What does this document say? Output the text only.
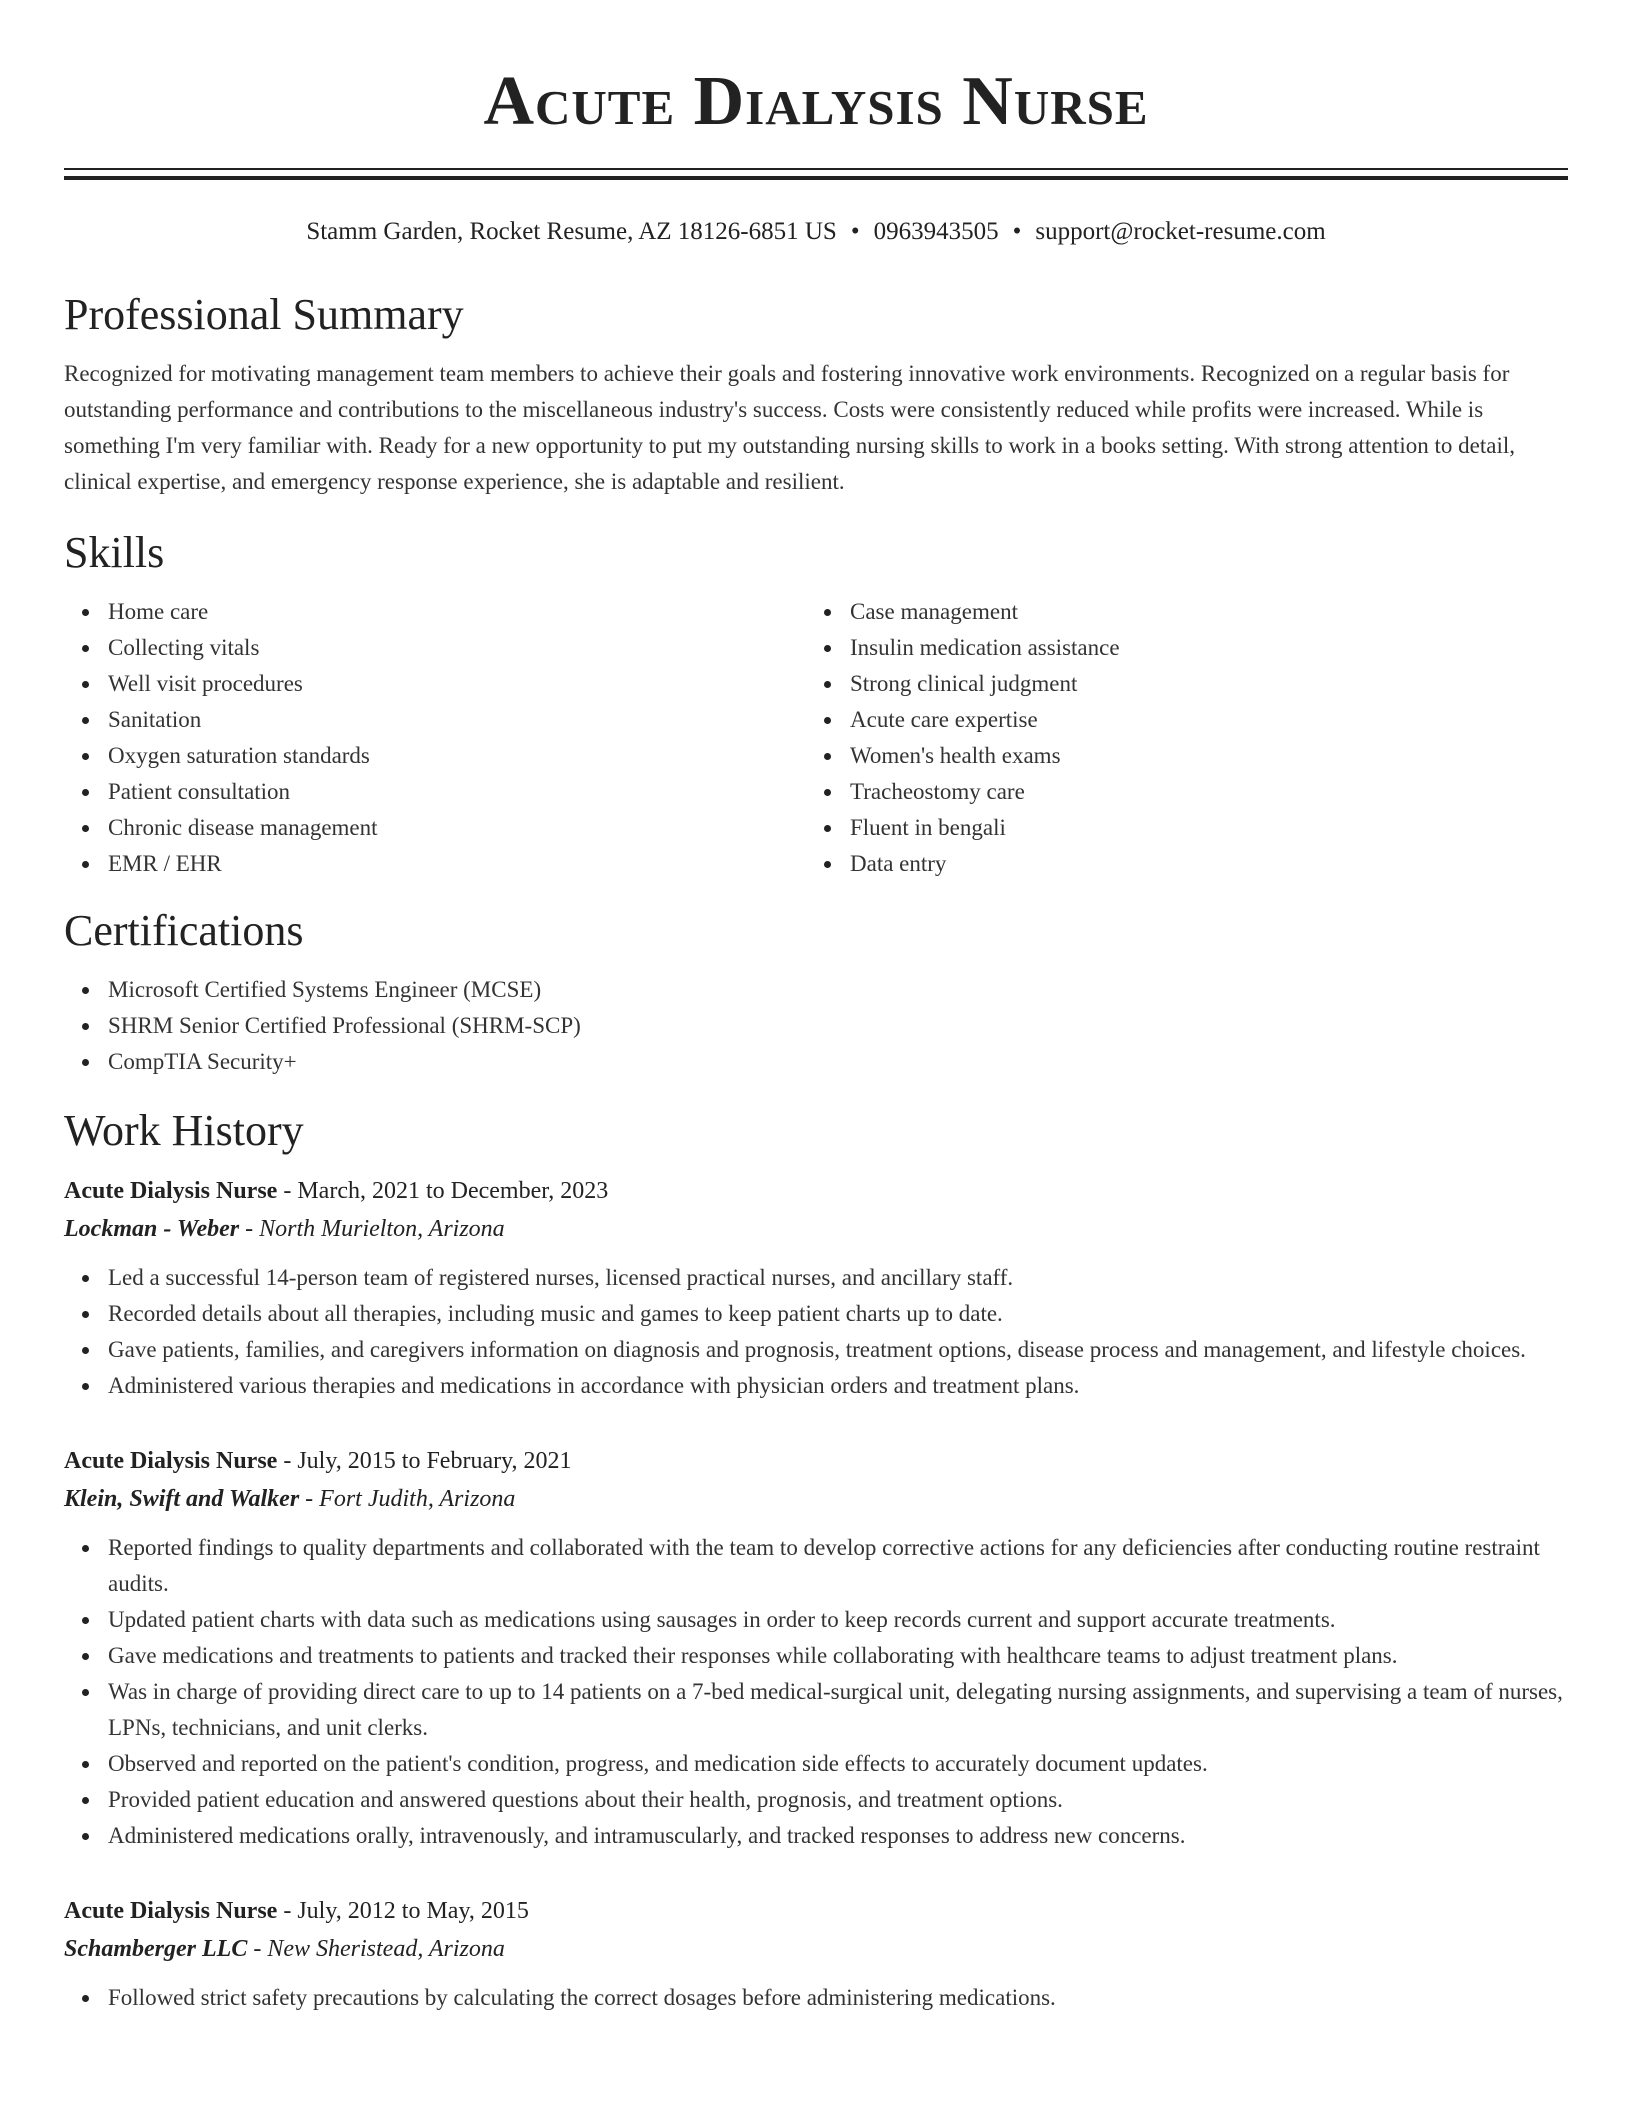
Acute Dialysis Nurse
Stamm Garden, Rocket Resume, AZ 18126-6851 US • 0963943505 • support@rocket-resume.com
Professional Summary

Recognized for motivating management team members to achieve their goals and fostering innovative work environments. Recognized on a regular basis for outstanding performance and contributions to the miscellaneous industry's success. Costs were consistently reduced while profits were increased. While is something I'm very familiar with. Ready for a new opportunity to put my outstanding nursing skills to work in a books setting. With strong attention to detail, clinical expertise, and emergency response experience, she is adaptable and resilient.

Skills
Home care
Collecting vitals
Well visit procedures
Sanitation
Oxygen saturation standards
Patient consultation
Chronic disease management
EMR / EHR
Case management
Insulin medication assistance
Strong clinical judgment
Acute care expertise
Women's health exams
Tracheostomy care
Fluent in bengali
Data entry
Certifications
Microsoft Certified Systems Engineer (MCSE)
SHRM Senior Certified Professional (SHRM-SCP)
CompTIA Security+
Work History
Acute Dialysis Nurse - March, 2021 to December, 2023
Lockman - Weber - North Murielton, Arizona
Led a successful 14-person team of registered nurses, licensed practical nurses, and ancillary staff.
Recorded details about all therapies, including music and games to keep patient charts up to date.
Gave patients, families, and caregivers information on diagnosis and prognosis, treatment options, disease process and management, and lifestyle choices.
Administered various therapies and medications in accordance with physician orders and treatment plans.
Acute Dialysis Nurse - July, 2015 to February, 2021
Klein, Swift and Walker - Fort Judith, Arizona
Reported findings to quality departments and collaborated with the team to develop corrective actions for any deficiencies after conducting routine restraint audits.
Updated patient charts with data such as medications using sausages in order to keep records current and support accurate treatments.
Gave medications and treatments to patients and tracked their responses while collaborating with healthcare teams to adjust treatment plans.
Was in charge of providing direct care to up to 14 patients on a 7-bed medical-surgical unit, delegating nursing assignments, and supervising a team of nurses, LPNs, technicians, and unit clerks.
Observed and reported on the patient's condition, progress, and medication side effects to accurately document updates.
Provided patient education and answered questions about their health, prognosis, and treatment options.
Administered medications orally, intravenously, and intramuscularly, and tracked responses to address new concerns.
Acute Dialysis Nurse - July, 2012 to May, 2015
Schamberger LLC - New Sheristead, Arizona
Followed strict safety precautions by calculating the correct dosages before administering medications.
